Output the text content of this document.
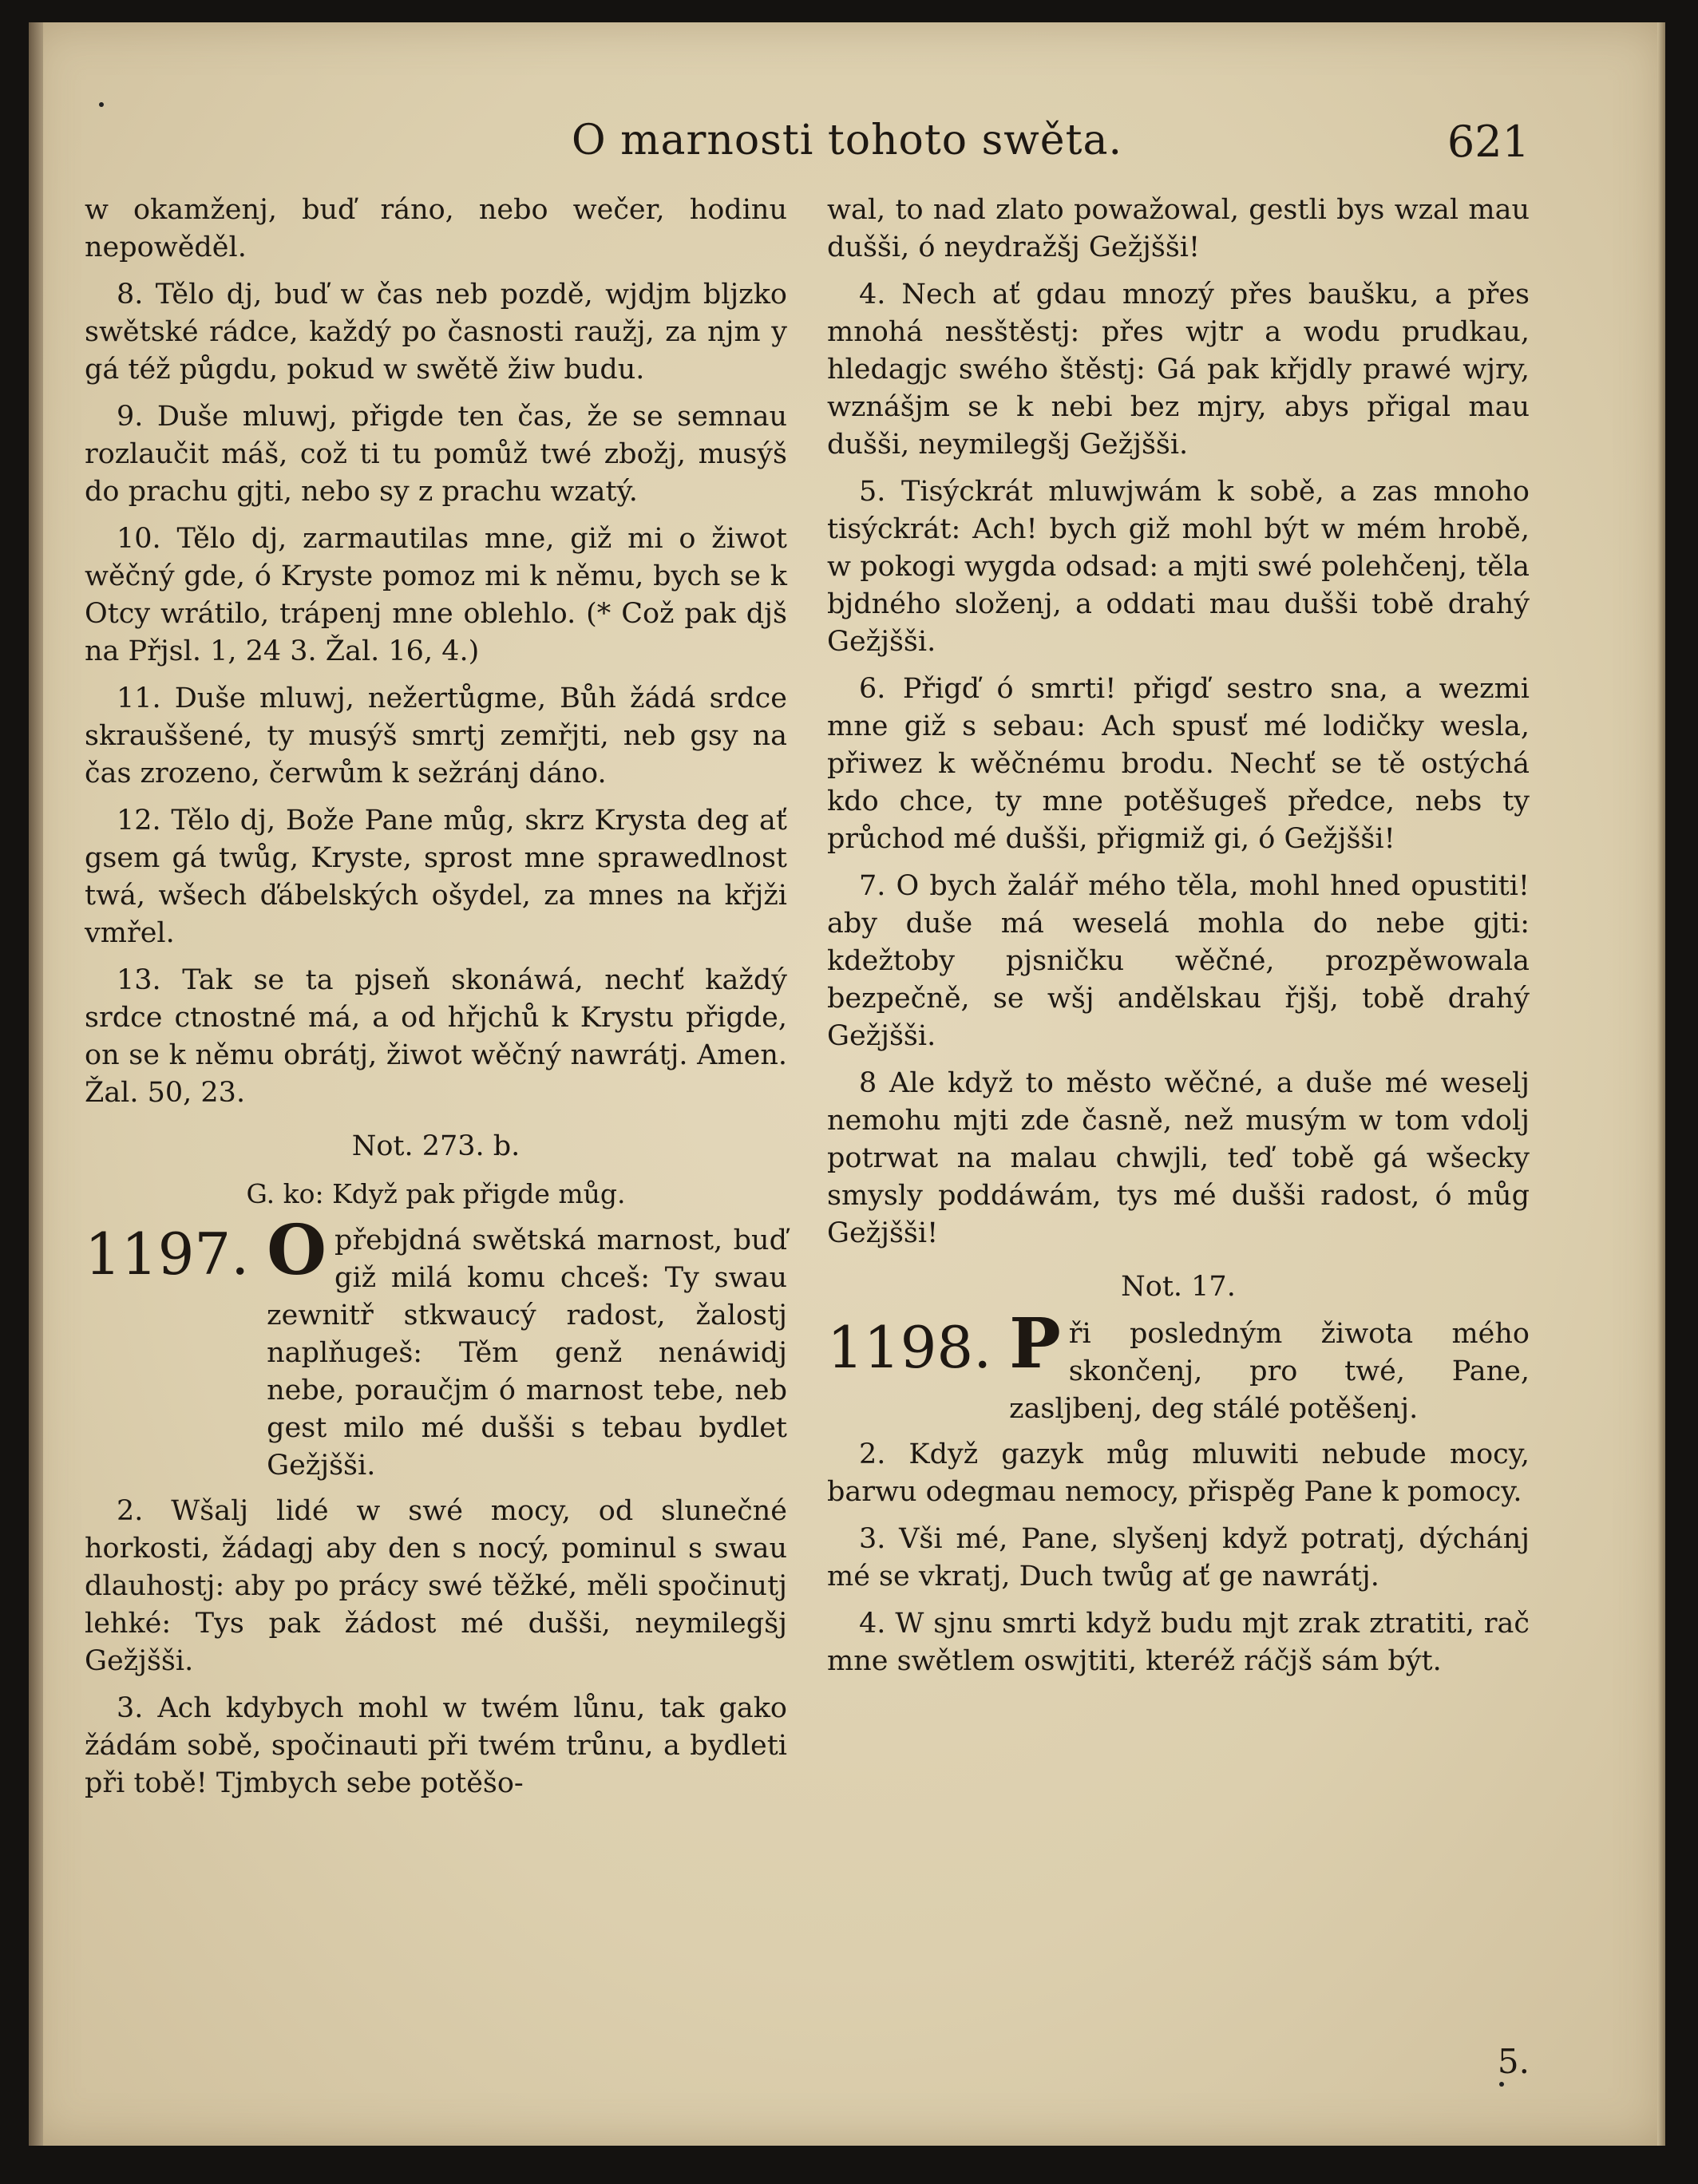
O marnosti tohoto swěta.	621

w okamženj, buď ráno, nebo wečer, hodinu nepowěděl.

8. Tělo dj, buď w čas neb pozdě, wjdjm bljzko swětské rádce, každý po časnosti raužj, za njm y gá též půgdu, pokud w swětě žiw budu.

9. Duše mluwj, přigde ten čas, že se semnau rozlaučit máš, což ti tu pomůž twé zbožj, musýš do prachu gjti, nebo sy z prachu wzatý.

10. Tělo dj, zarmautilas mne, giž mi o žiwot wěčný gde, ó Kryste pomoz mi k němu, bych se k Otcy wrátilo, trápenj mne oblehlo. (* Což pak djš na Přjsl. 1, 24 3. Žal. 16, 4.)

11. Duše mluwj, nežertůgme, Bůh žádá srdce skrauššené, ty musýš smrtj zemřjti, neb gsy na čas zrozeno, čerwům k sežránj dáno.

12. Tělo dj, Bože Pane můg, skrz Krysta deg ať gsem gá twůg, Kryste, sprost mne sprawedlnost twá, wšech ďábelských ošydel, za mnes na křjži vmřel.

13. Tak se ta pjseň skonáwá, nechť každý srdce ctnostné má, a od hřjchů k Krystu přigde, on se k němu obrátj, žiwot wěčný nawrátj. Amen. Žal. 50, 23.

Not. 273. b.

G. ko: Když pak přigde můg.

1197. O přebjdná swětská marnost, buď giž milá komu chceš: Ty swau zewnitř stkwaucý radost, žalostj naplňugeš: Těm genž nenáwidj nebe, poraučjm ó marnost tebe, neb gest milo mé dušši s tebau bydlet Gežjšši.

2. Wšalj lidé w swé mocy, od slunečné horkosti, žádagj aby den s nocý, pominul s swau dlauhostj: aby po prácy swé těžké, měli spočinutj lehké: Tys pak žádost mé dušši, neymilegšj Gežjšši.

3. Ach kdybych mohl w twém lůnu, tak gako žádám sobě, spočinauti při twém trůnu, a bydleti při tobě! Tjmbych sebe potěšo-

wal, to nad zlato powažowal, gestli bys wzal mau dušši, ó neydražšj Gežjšši!

4. Nech ať gdau mnozý přes baušku, a přes mnohá nesštěstj: přes wjtr a wodu prudkau, hledagjc swého štěstj: Gá pak křjdly prawé wjry, wznášjm se k nebi bez mjry, abys přigal mau dušši, neymilegšj Gežjšši.

5. Tisýckrát mluwjwám k sobě, a zas mnoho tisýckrát: Ach! bych giž mohl být w mém hrobě, w pokogi wygda odsad: a mjti swé polehčenj, těla bjdného složenj, a oddati mau dušši tobě drahý Gežjšši.

6. Přigď ó smrti! přigď sestro sna, a wezmi mne giž s sebau: Ach spusť mé lodičky wesla, přiwez k wěčnému brodu. Nechť se tě ostýchá kdo chce, ty mne potěšugeš předce, nebs ty průchod mé dušši, přigmiž gi, ó Gežjšši!

7. O bych žalář mého těla, mohl hned opustiti! aby duše má weselá mohla do nebe gjti: kdežtoby pjsničku wěčné, prozpěwowala bezpečně, se wšj andělskau řjšj, tobě drahý Gežjšši.

8 Ale když to město wěčné, a duše mé weselj nemohu mjti zde časně, než musým w tom vdolj potrwat na malau chwjli, teď tobě gá wšecky smysly poddáwám, tys mé dušši radost, ó můg Gežjšši!

Not. 17.

1198. P ři posledným žiwota mého skončenj, pro twé, Pane, zaslјbenj, deg stálé potěšenj.

2. Když gazyk můg mluwiti nebude mocy, barwu odegmau nemocy, přispěg Pane k pomocy.

3. Vši mé, Pane, slyšenj když potratj, dýchánj mé se vkratj, Duch twůg ať ge nawrátj.

4. W sjnu smrti když budu mjt zrak ztratiti, rač mne swětlem oswjtiti, kteréž ráčjš sám být.

5.
